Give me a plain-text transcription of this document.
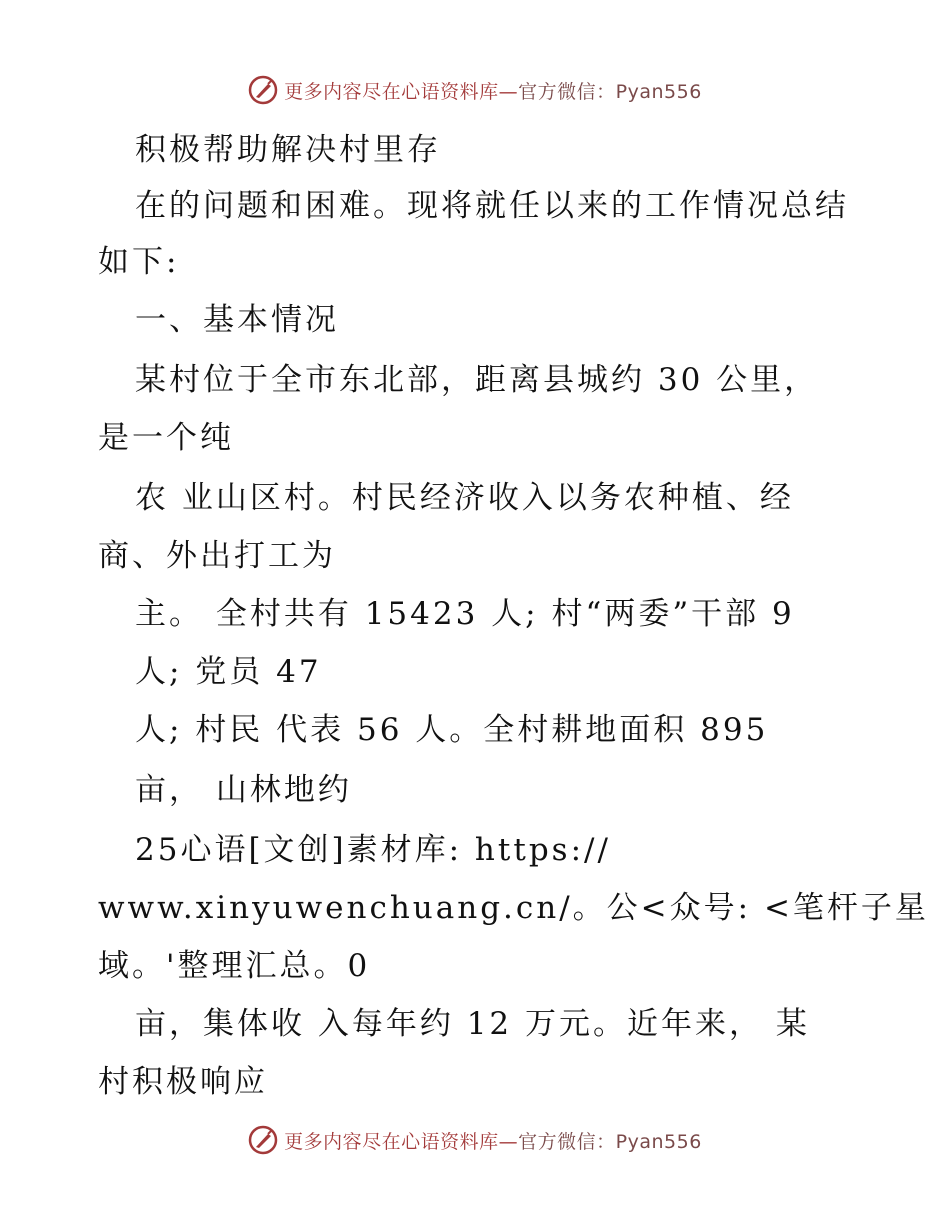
更多内容尽在心语资料库—官方微信：Pyan556
积极帮助解决村里存
在的问题和困难。现将就任以来的工作情况总结
如下:
一、基本情况
某村位于全市东北部，距离县城约 30 公里，
是一个纯
农 业山区村。村民经济收入以务农种植、经
商、外出打工为
主。 全村共有 15423 人; 村“两委”干部 9
人; 党员 47
人; 村民 代表 56 人。全村耕地面积 895
亩， 山林地约
25心语[文创]素材库: https://
www.xinyuwenchuang.cn/。公<众号: <笔杆子星
域。'整理汇总。0
亩，集体收 入每年约 12 万元。近年来， 某
村积极响应
更多内容尽在心语资料库—官方微信：Pyan556
